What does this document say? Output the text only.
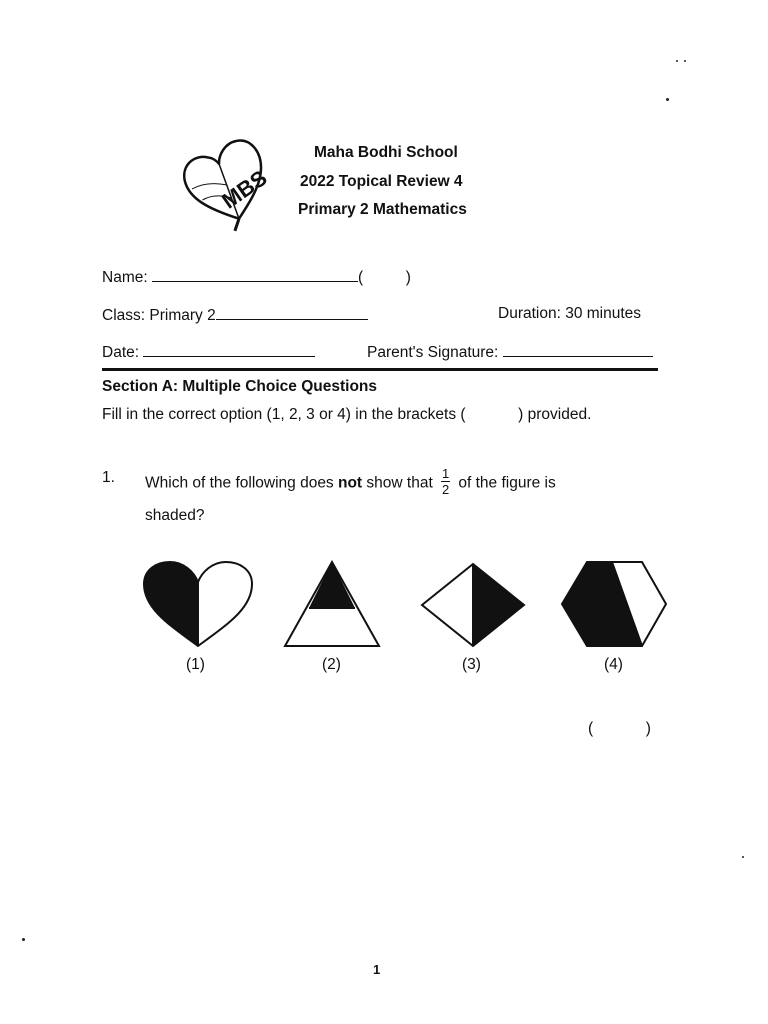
MBS
Maha Bodhi School
2022 Topical Review 4
Primary 2 Mathematics
Name:	(	)
Class: Primary 2	Duration: 30 minutes
Date:	Parent's Signature:
Section A: Multiple Choice Questions
Fill in the correct option (1, 2, 3 or 4) in the brackets (	) provided.
1. Which of the following does not show that $\frac{1}{2}$ of the figure is
shaded?
(1)	(2)	(3)	(4)
(	)
1
